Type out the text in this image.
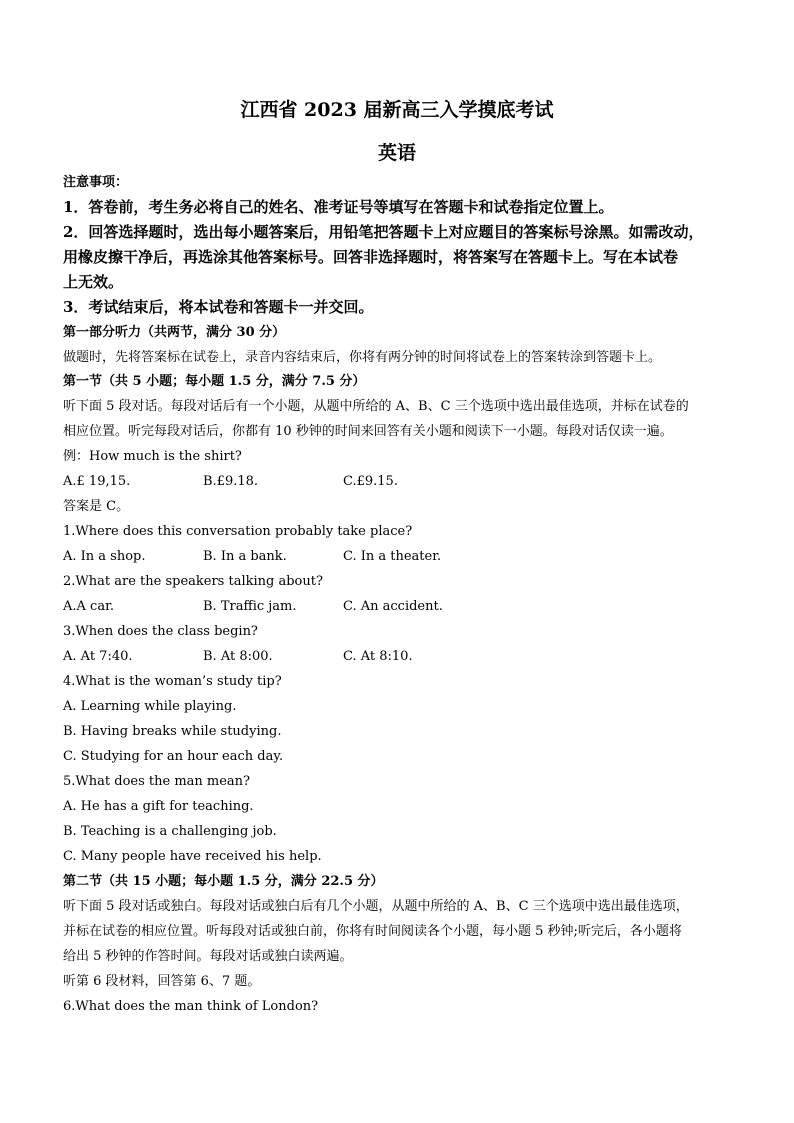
江西省 2023 届新高三入学摸底考试
英语
注意事项：
1．答卷前，考生务必将自己的姓名、准考证号等填写在答题卡和试卷指定位置上。
2．回答选择题时，选出每小题答案后，用铅笔把答题卡上对应题目的答案标号涂黑。如需改动，
用橡皮擦干净后，再选涂其他答案标号。回答非选择题时，将答案写在答题卡上。写在本试卷
上无效。
3．考试结束后，将本试卷和答题卡一并交回。
第一部分听力（共两节，满分 30 分）
做题时，先将答案标在试卷上，录音内容结束后，你将有两分钟的时间将试卷上的答案转涂到答题卡上。
第一节（共 5 小题；每小题 1.5 分，满分 7.5 分）
听下面 5 段对话。每段对话后有一个小题，从题中所给的 A、B、C 三个选项中选出最佳选项，并标在试卷的
相应位置。听完每段对话后，你都有 10 秒钟的时间来回答有关小题和阅读下一小题。每段对话仅读一遍。
例：How much is the shirt?
A.£ 19,15.	B.£9.18.	C.£9.15.
答案是 C。
1.Where does this conversation probably take place?
A. In a shop.	B. In a bank.	C. In a theater.
2.What are the speakers talking about?
A.A car.	B. Traffic jam.	C. An accident.
3.When does the class begin?
A. At 7:40.	B. At 8:00.	C. At 8:10.
4.What is the woman’s study tip?
A. Learning while playing.
B. Having breaks while studying.
C. Studying for an hour each day.
5.What does the man mean?
A. He has a gift for teaching.
B. Teaching is a challenging job.
C. Many people have received his help.
第二节（共 15 小题；每小题 1.5 分，满分 22.5 分）
听下面 5 段对话或独白。每段对话或独白后有几个小题，从题中所给的 A、B、C 三个选项中选出最佳选项，
并标在试卷的相应位置。听每段对话或独白前，你将有时间阅读各个小题，每小题 5 秒钟;听完后，各小题将
给出 5 秒钟的作答时间。每段对话或独白读两遍。
听第 6 段材料，回答第 6、7 题。
6.What does the man think of London?
